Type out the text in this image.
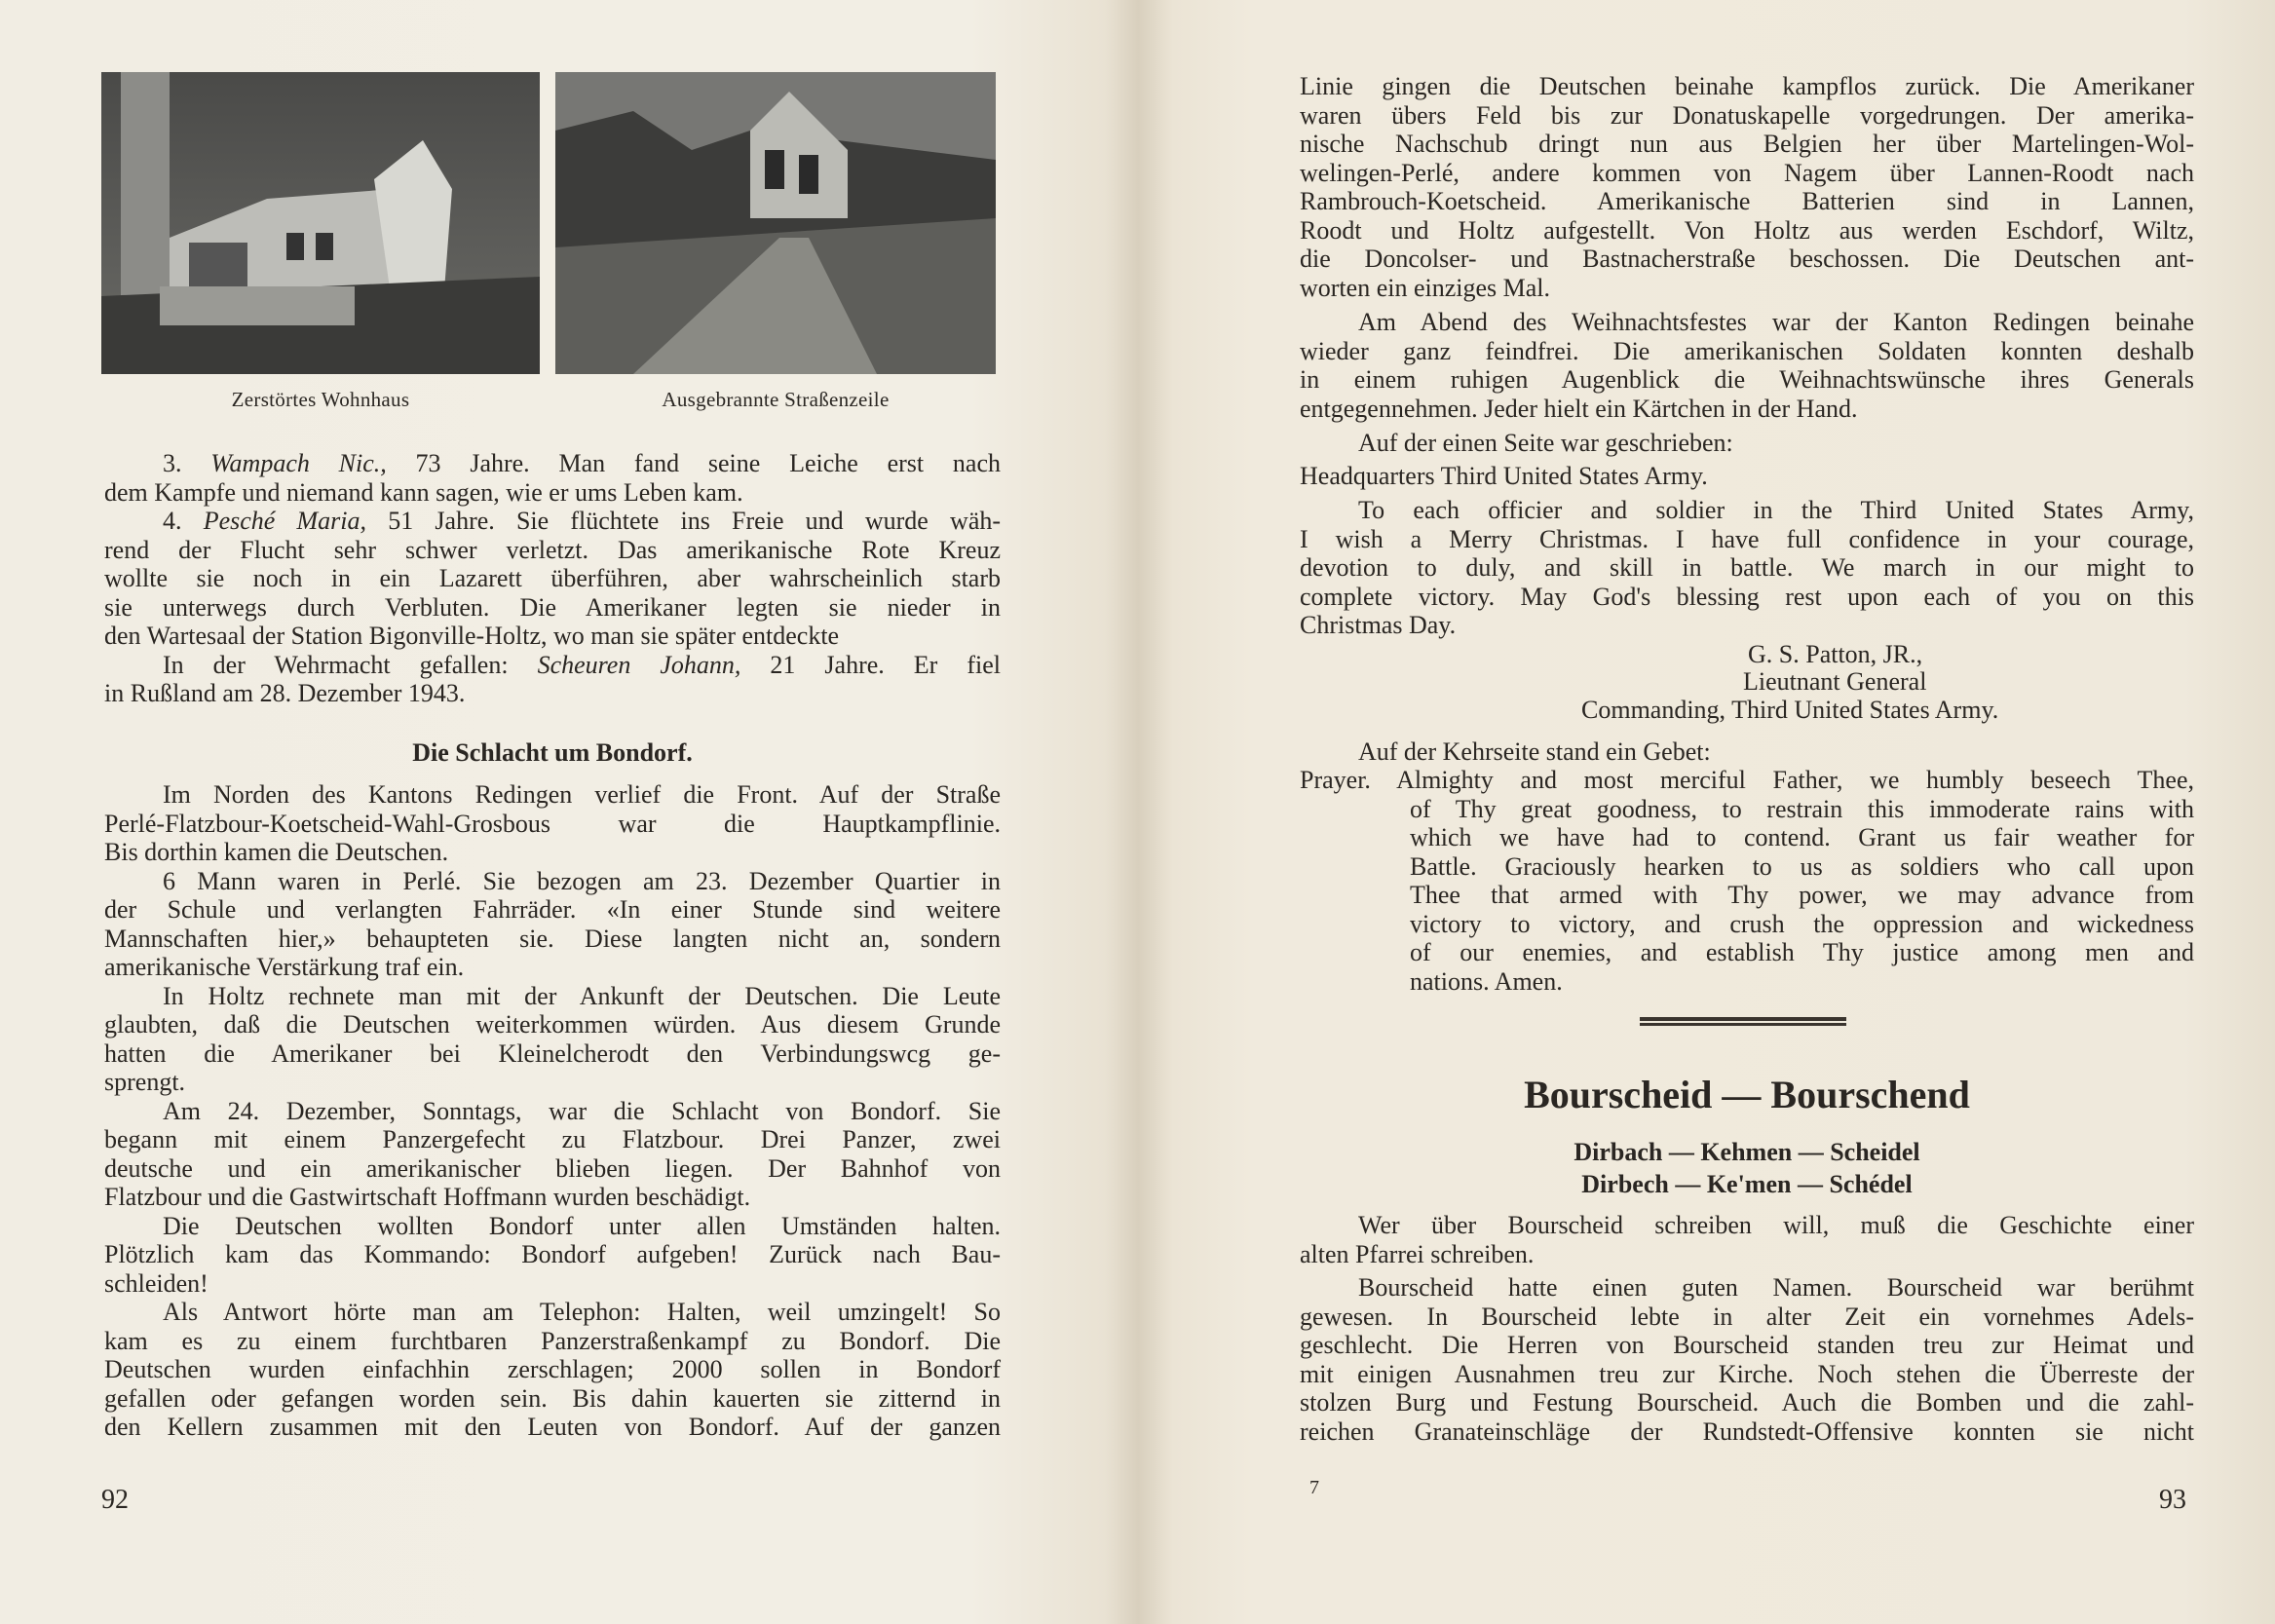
Zerstörtes Wohnhaus	Ausgebrannte Straßenzeile
3. Wampach Nic., 73 Jahre. Man fand seine Leiche erst nach
dem Kampfe und niemand kann sagen, wie er ums Leben kam.
4. Pesché Maria, 51 Jahre. Sie flüchtete ins Freie und wurde wäh-
rend der Flucht sehr schwer verletzt. Das amerikanische Rote Kreuz
wollte sie noch in ein Lazarett überführen, aber wahrscheinlich starb
sie unterwegs durch Verbluten. Die Amerikaner legten sie nieder in
den Wartesaal der Station Bigonville-Holtz, wo man sie später entdeckte
In der Wehrmacht gefallen: Scheuren Johann, 21 Jahre. Er fiel
in Rußland am 28. Dezember 1943.
Die Schlacht um Bondorf.
Im Norden des Kantons Redingen verlief die Front. Auf der Straße
Perlé-Flatzbour-Koetscheid-Wahl-Grosbous war die Hauptkampflinie.
Bis dorthin kamen die Deutschen.
6 Mann waren in Perlé. Sie bezogen am 23. Dezember Quartier in
der Schule und verlangten Fahrräder. «In einer Stunde sind weitere
Mannschaften hier,» behaupteten sie. Diese langten nicht an, sondern
amerikanische Verstärkung traf ein.
In Holtz rechnete man mit der Ankunft der Deutschen. Die Leute
glaubten, daß die Deutschen weiterkommen würden. Aus diesem Grunde
hatten die Amerikaner bei Kleinelcherodt den Verbindungswcg ge-
sprengt.
Am 24. Dezember, Sonntags, war die Schlacht von Bondorf. Sie
begann mit einem Panzergefecht zu Flatzbour. Drei Panzer, zwei
deutsche und ein amerikanischer blieben liegen. Der Bahnhof von
Flatzbour und die Gastwirtschaft Hoffmann wurden beschädigt.
Die Deutschen wollten Bondorf unter allen Umständen halten.
Plötzlich kam das Kommando: Bondorf aufgeben! Zurück nach Bau-
schleiden!
Als Antwort hörte man am Telephon: Halten, weil umzingelt! So
kam es zu einem furchtbaren Panzerstraßenkampf zu Bondorf. Die
Deutschen wurden einfachhin zerschlagen; 2000 sollen in Bondorf
gefallen oder gefangen worden sein. Bis dahin kauerten sie zitternd in
den Kellern zusammen mit den Leuten von Bondorf. Auf der ganzen
92
Linie gingen die Deutschen beinahe kampflos zurück. Die Amerikaner
waren übers Feld bis zur Donatuskapelle vorgedrungen. Der amerika-
nische Nachschub dringt nun aus Belgien her über Martelingen-Wol-
welingen-Perlé, andere kommen von Nagem über Lannen-Roodt nach
Rambrouch-Koetscheid. Amerikanische Batterien sind in Lannen,
Roodt und Holtz aufgestellt. Von Holtz aus werden Eschdorf, Wiltz,
die Doncolser- und Bastnacherstraße beschossen. Die Deutschen ant-
worten ein einziges Mal.
Am Abend des Weihnachtsfestes war der Kanton Redingen beinahe
wieder ganz feindfrei. Die amerikanischen Soldaten konnten deshalb
in einem ruhigen Augenblick die Weihnachtswünsche ihres Generals
entgegennehmen. Jeder hielt ein Kärtchen in der Hand.
Auf der einen Seite war geschrieben:
Headquarters Third United States Army.
To each officier and soldier in the Third United States Army,
I wish a Merry Christmas. I have full confidence in your courage,
devotion to duly, and skill in battle. We march in our might to
complete victory. May God's blessing rest upon each of you on this
Christmas Day.
G. S. Patton, JR.,
Lieutnant General
Commanding, Third United States Army.
Auf der Kehrseite stand ein Gebet:
Prayer. Almighty and most merciful Father, we humbly beseech Thee,
of Thy great goodness, to restrain this immoderate rains with
which we have had to contend. Grant us fair weather for
Battle. Graciously hearken to us as soldiers who call upon
Thee that armed with Thy power, we may advance from
victory to victory, and crush the oppression and wickedness
of our enemies, and establish Thy justice among men and
nations. Amen.
Bourscheid — Bourschend
Dirbach — Kehmen — Scheidel
Dirbech — Ke'men — Schédel
Wer über Bourscheid schreiben will, muß die Geschichte einer
alten Pfarrei schreiben.
Bourscheid hatte einen guten Namen. Bourscheid war berühmt
gewesen. In Bourscheid lebte in alter Zeit ein vornehmes Adels-
geschlecht. Die Herren von Bourscheid standen treu zur Heimat und
mit einigen Ausnahmen treu zur Kirche. Noch stehen die Überreste der
stolzen Burg und Festung Bourscheid. Auch die Bomben und die zahl-
reichen Granateinschläge der Rundstedt-Offensive konnten sie nicht
7	93
